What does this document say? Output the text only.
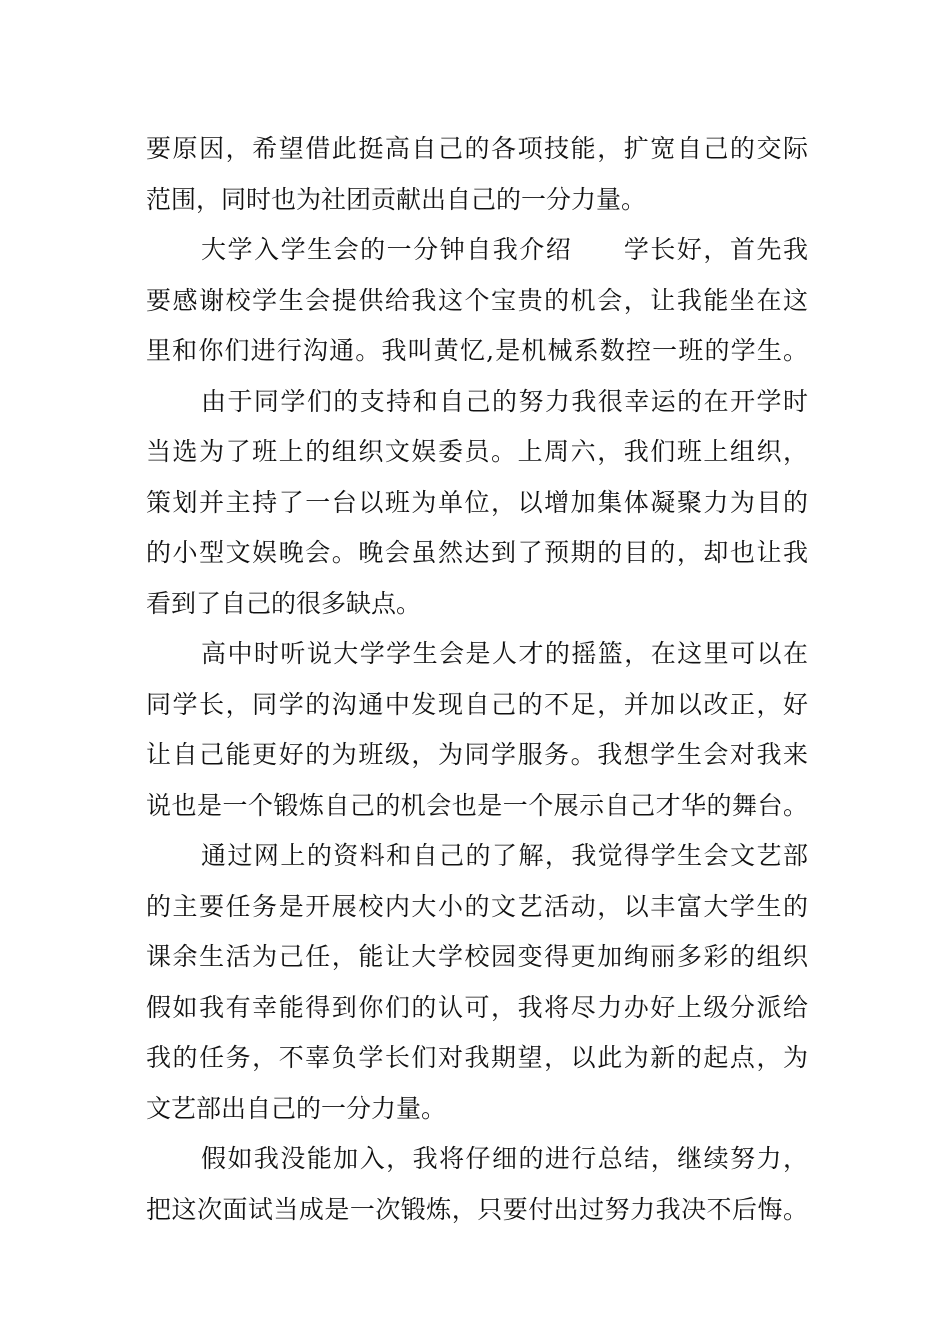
要原因，希望借此挺高自己的各项技能，扩宽自己的交际
范围，同时也为社团贡献出自己的一分力量。
大学入学生会的一分钟自我介绍 学长好，首先我
要感谢校学生会提供给我这个宝贵的机会，让我能坐在这
里和你们进行沟通。我叫黄忆,是机械系数控一班的学生。
由于同学们的支持和自己的努力我很幸运的在开学时
当选为了班上的组织文娱委员。上周六，我们班上组织，
策划并主持了一台以班为单位，以增加集体凝聚力为目的
的小型文娱晚会。晚会虽然达到了预期的目的，却也让我
看到了自己的很多缺点。
高中时听说大学学生会是人才的摇篮，在这里可以在
同学长，同学的沟通中发现自己的不足，并加以改正，好
让自己能更好的为班级，为同学服务。我想学生会对我来
说也是一个锻炼自己的机会也是一个展示自己才华的舞台。
通过网上的资料和自己的了解，我觉得学生会文艺部
的主要任务是开展校内大小的文艺活动，以丰富大学生的
课余生活为己任，能让大学校园变得更加绚丽多彩的组织
假如我有幸能得到你们的认可，我将尽力办好上级分派给
我的任务，不辜负学长们对我期望，以此为新的起点，为
文艺部出自己的一分力量。
假如我没能加入，我将仔细的进行总结，继续努力，
把这次面试当成是一次锻炼，只要付出过努力我决不后悔。
